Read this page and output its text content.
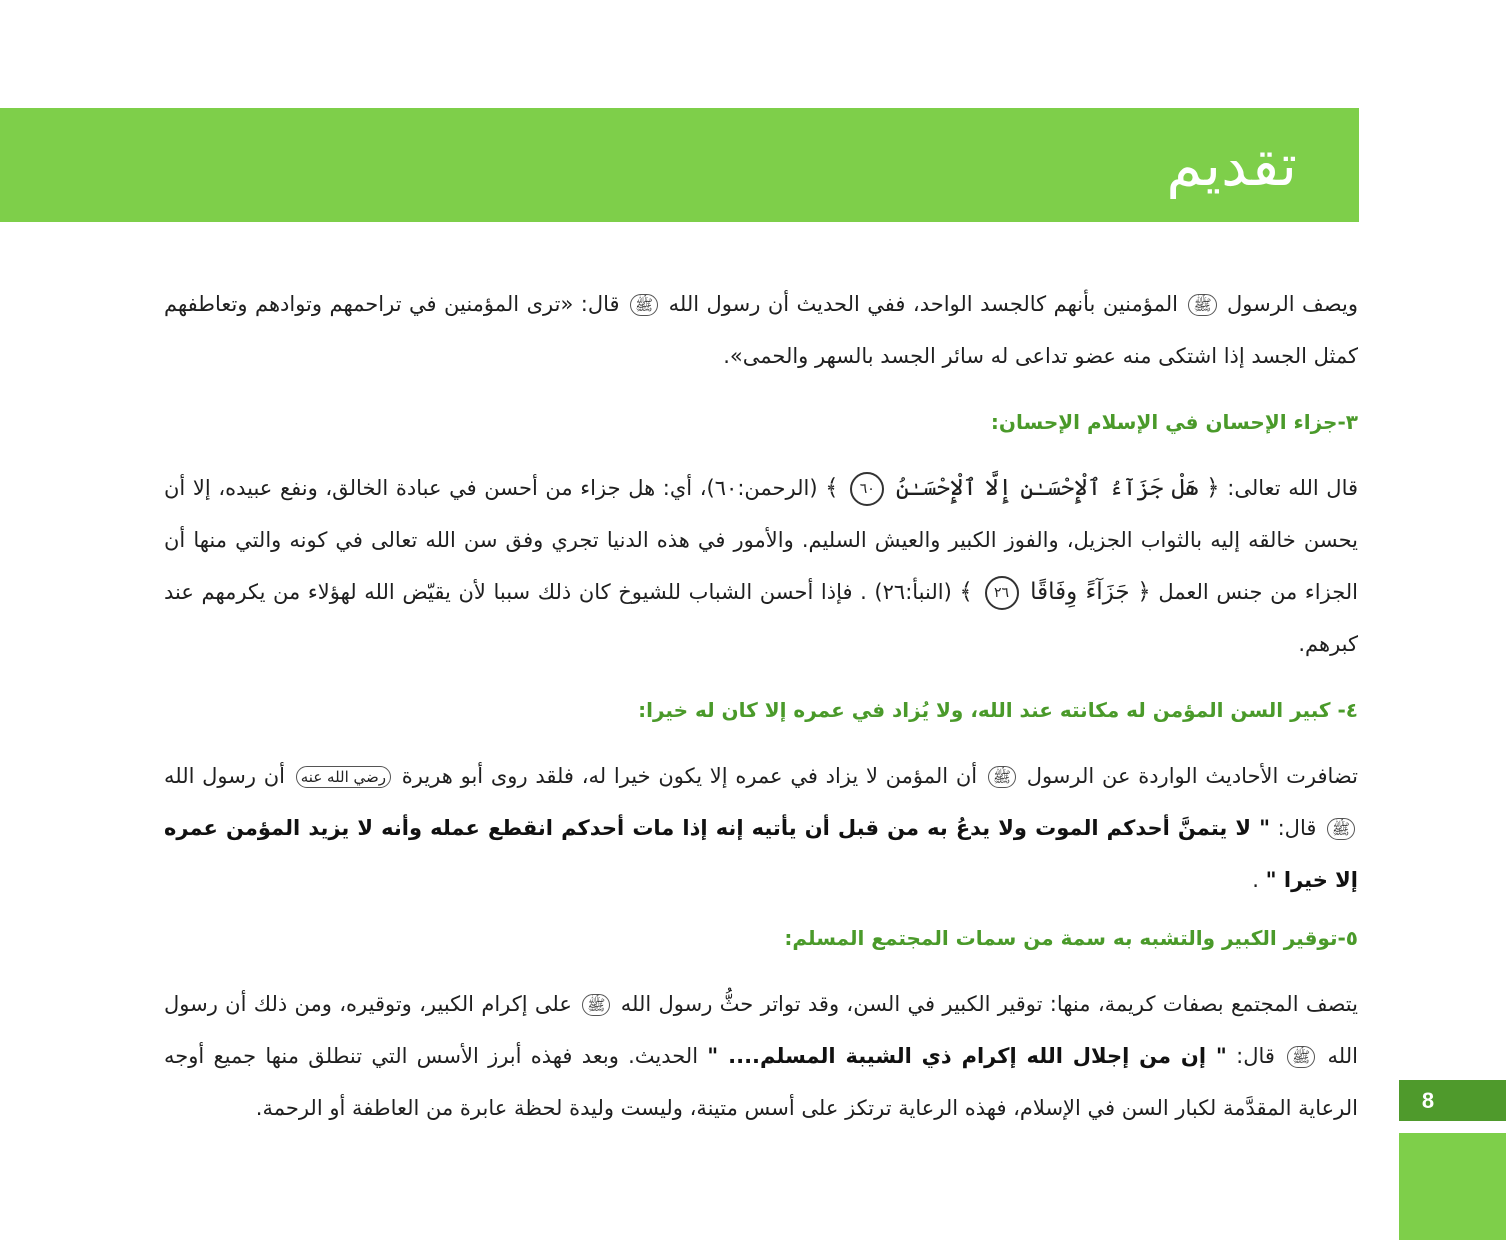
تقديم

ويصف الرسول ﷺ المؤمنين بأنهم كالجسد الواحد، ففي الحديث أن رسول الله ﷺ قال: «ترى المؤمنين في تراحمهم وتوادهم وتعاطفهم كمثل الجسد إذا اشتكى منه عضو تداعى له سائر الجسد بالسهر والحمى».

٣-جزاء الإحسان في الإسلام الإحسان:

قال الله تعالى: ﴿ هَلْ جَزَآءُ ٱلْإِحْسَـٰنِ إِلَّا ٱلْإِحْسَـٰنُ ٦٠ ﴾ (الرحمن:٦٠)، أي: هل جزاء من أحسن في عبادة الخالق، ونفع عبيده، إلا أن يحسن خالقه إليه بالثواب الجزيل، والفوز الكبير والعيش السليم. والأمور في هذه الدنيا تجري وفق سن الله تعالى في كونه والتي منها أن الجزاء من جنس العمل ﴿ جَزَآءً وِفَاقًا ٢٦ ﴾ (النبأ:٢٦) . فإذا أحسن الشباب للشيوخ كان ذلك سببا لأن يقيّض الله لهؤلاء من يكرمهم عند كبرهم.

٤- كبير السن المؤمن له مكانته عند الله، ولا يُزاد في عمره إلا كان له خيرا:

تضافرت الأحاديث الواردة عن الرسول ﷺ أن المؤمن لا يزاد في عمره إلا يكون خيرا له، فلقد روى أبو هريرة رضي الله عنه أن رسول الله ﷺ قال: " لا يتمنَّ أحدكم الموت ولا يدعُ به من قبل أن يأتيه إنه إذا مات أحدكم انقطع عمله وأنه لا يزيد المؤمن عمره إلا خيرا " .

٥-توقير الكبير والتشبه به سمة من سمات المجتمع المسلم:

يتصف المجتمع بصفات كريمة، منها: توقير الكبير في السن، وقد تواتر حثُّ رسول الله ﷺ على إكرام الكبير، وتوقيره، ومن ذلك أن رسول الله ﷺ قال: " إن من إجلال الله إكرام ذي الشيبة المسلم.... " الحديث. وبعد فهذه أبرز الأسس التي تنطلق منها جميع أوجه الرعاية المقدَّمة لكبار السن في الإسلام، فهذه الرعاية ترتكز على أسس متينة، وليست وليدة لحظة عابرة من العاطفة أو الرحمة.	8
